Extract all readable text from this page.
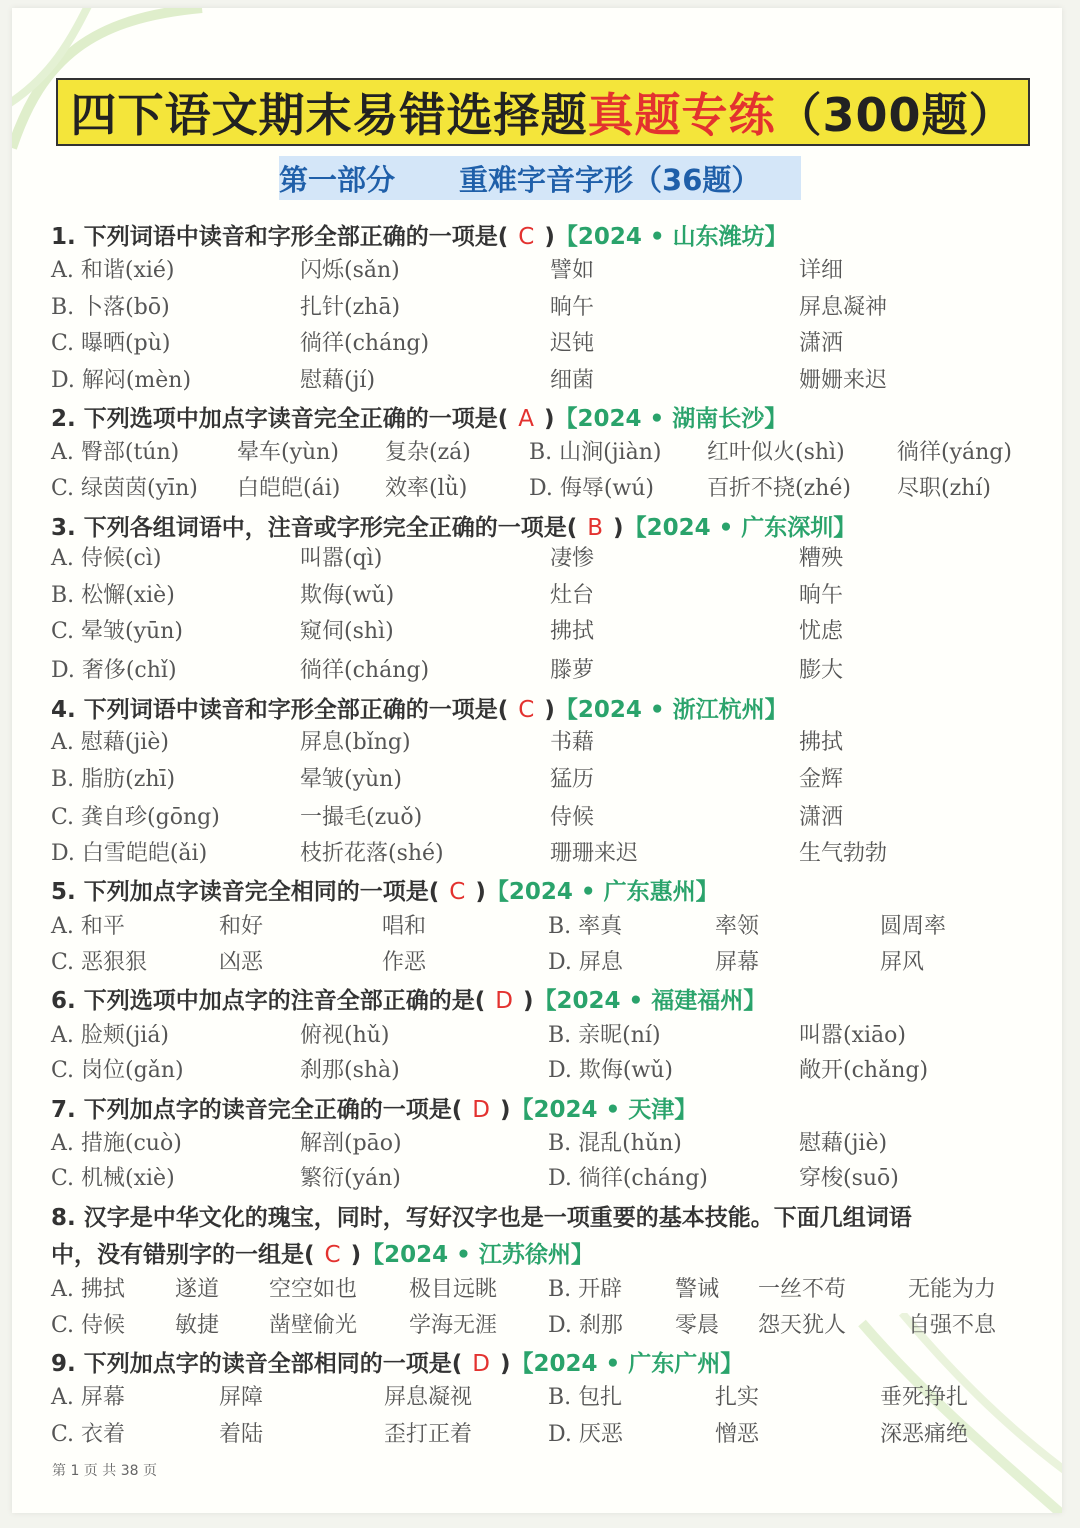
四下语文期末易错选择题 真题专练 （300题）
第一部分 重难字音字形（36题）
1. 下列词语中读音和字形全部正确的一项是( C )【2024 • 山东潍坊】
A. 和谐(xié)	闪烁(sǎn)	譬如	详细
B. 卜落(bō)	扎针(zhā)	晌午	屏息凝神
C. 曝晒(pù)	徜徉(cháng)	迟钝	潇洒
D. 解闷(mèn)	慰藉(jí)	细菌	姗姗来迟
2. 下列选项中加点字读音完全正确的一项是( A )【2024 • 湖南长沙】
A. 臀部(tún)	晕车(yùn) 复杂(zá)	B. 山涧(jiàn) 红叶似火(shì) 徜徉(yáng)
C. 绿茵茵(yīn) 白皑皑(ái) 效率(lǜ)	D. 侮辱(wú) 百折不挠(zhé) 尽职(zhí)
3. 下列各组词语中，注音或字形完全正确的一项是( B )【2024 • 广东深圳】
A. 侍候(cì)	叫嚣(qì)	凄惨	糟殃
B. 松懈(xiè)	欺侮(wǔ)	灶台	晌午
C. 晕皱(yūn)	窥伺(shì)	拂拭	忧虑
D. 奢侈(chǐ)	徜徉(cháng)	滕萝	膨大
4. 下列词语中读音和字形全部正确的一项是( C )【2024 • 浙江杭州】
A. 慰藉(jiè)	屏息(bǐng)	书藉	拂拭
B. 脂肪(zhī)	晕皱(yùn)	猛历	金辉
C. 龚自珍(gōng)	一撮毛(zuǒ)	侍候	潇洒
D. 白雪皑皑(ǎi)	枝折花落(shé)	珊珊来迟	生气勃勃
5. 下列加点字读音完全相同的一项是( C )【2024 • 广东惠州】
A. 和平	和好	唱和	B. 率真	率领	圆周率
C. 恶狠狠	凶恶	作恶	D. 屏息	屏幕	屏风
6. 下列选项中加点字的注音全部正确的是( D )【2024 • 福建福州】
A. 脸颊(jiá)	俯视(hǔ)	B. 亲昵(ní)	叫嚣(xiāo)
C. 岗位(gǎn)	刹那(shà)	D. 欺侮(wǔ)	敞开(chǎng)
7. 下列加点字的读音完全正确的一项是( D )【2024 • 天津】
A. 措施(cuò)	解剖(pāo)	B. 混乱(hǔn)	慰藉(jiè)
C. 机械(xiè)	繁衍(yán)	D. 徜徉(cháng)	穿梭(suō)
8. 汉字是中华文化的瑰宝，同时，写好汉字也是一项重要的基本技能。下面几组词语
中，没有错别字的一组是( C )【2024 • 江苏徐州】
A. 拂拭 遂道 空空如也 极目远眺 B. 开辟 警诫 一丝不苟	无能为力
C. 侍候 敏捷 凿壁偷光 学海无涯 D. 刹那 零晨 怨天犹人	自强不息
9. 下列加点字的读音全部相同的一项是( D )【2024 • 广东广州】
A. 屏幕	屏障	屏息凝视	B. 包扎	扎实	垂死挣扎
C. 衣着	着陆	歪打正着	D. 厌恶	憎恶	深恶痛绝
第 1 页 共 38 页
